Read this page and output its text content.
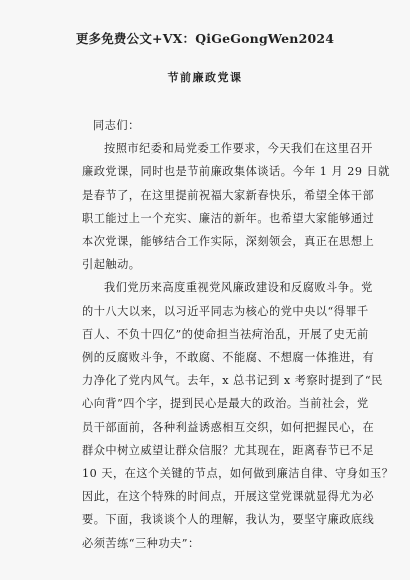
更多免费公文+VX：QiGeGongWen2024
节前廉政党课
同志们：
按照市纪委和局党委工作要求，今天我们在这里召开
廉政党课，同时也是节前廉政集体谈话。今年 1 月 29 日就
是春节了，在这里提前祝福大家新春快乐，希望全体干部
职工能过上一个充实、廉洁的新年。也希望大家能够通过
本次党课，能够结合工作实际，深刻领会，真正在思想上
引起触动。
我们党历来高度重视党风廉政建设和反腐败斗争。党
的十八大以来，以习近平同志为核心的党中央以“得罪千
百人、不负十四亿”的使命担当祛疴治乱，开展了史无前
例的反腐败斗争，不敢腐、不能腐、不想腐一体推进，有
力净化了党内风气。去年，x 总书记到 x 考察时提到了“民
心向背”四个字，提到民心是最大的政治。当前社会，党
员干部面前，各种利益诱惑相互交织，如何把握民心，在
群众中树立威望让群众信服？尤其现在，距离春节已不足
10 天，在这个关键的节点，如何做到廉洁自律、守身如玉？
因此，在这个特殊的时间点，开展这堂党课就显得尤为必
要。下面，我谈谈个人的理解，我认为，要坚守廉政底线
必须苦练“三种功夫”：
